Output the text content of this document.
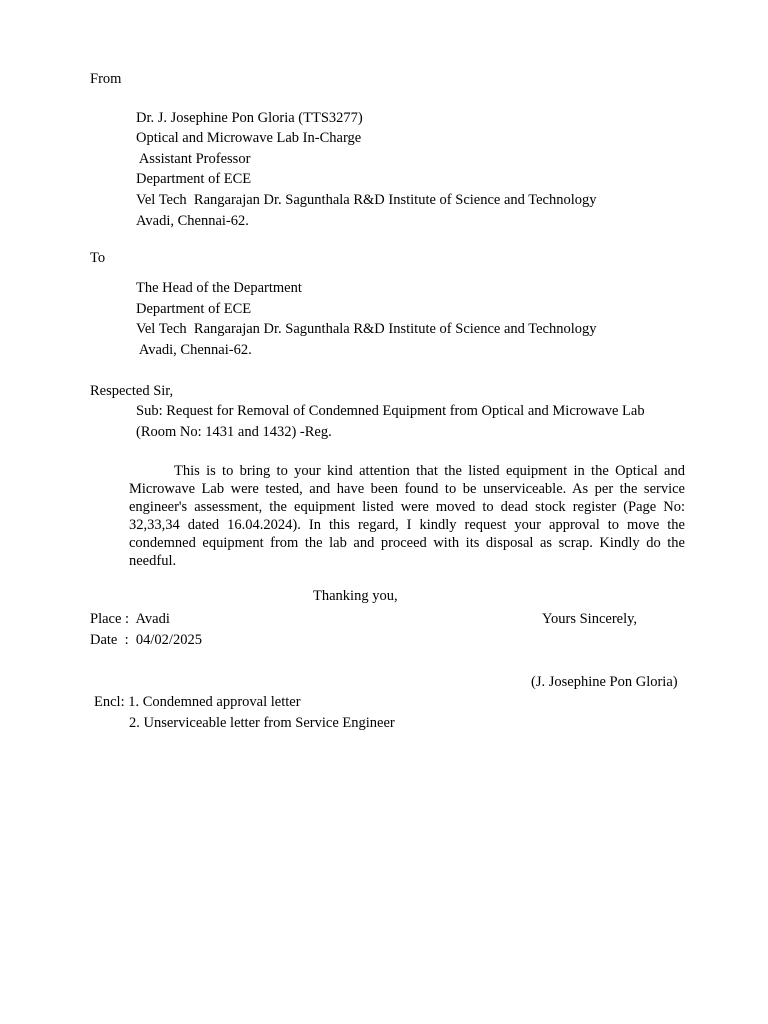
From
Dr. J. Josephine Pon Gloria (TTS3277)
Optical and Microwave Lab In-Charge
Assistant Professor
Department of ECE
Vel Tech  Rangarajan Dr. Sagunthala R&D Institute of Science and Technology
Avadi, Chennai-62.
To
The Head of the Department
Department of ECE
Vel Tech  Rangarajan Dr. Sagunthala R&D Institute of Science and Technology
Avadi, Chennai-62.
Respected Sir,
Sub: Request for Removal of Condemned Equipment from Optical and Microwave Lab
(Room No: 1431 and 1432) -Reg.
This is to bring to your kind attention that the listed equipment in the Optical and Microwave Lab were tested, and have been found to be unserviceable. As per the service engineer's assessment, the equipment listed were moved to dead stock register (Page No: 32,33,34 dated 16.04.2024). In this regard, I kindly request your approval to move the condemned equipment from the lab and proceed with its disposal as scrap. Kindly do the needful.
Thanking you,
Place :  Avadi	Yours Sincerely,
Date  :  04/02/2025
(J. Josephine Pon Gloria)
Encl: 1. Condemned approval letter
2. Unserviceable letter from Service Engineer
